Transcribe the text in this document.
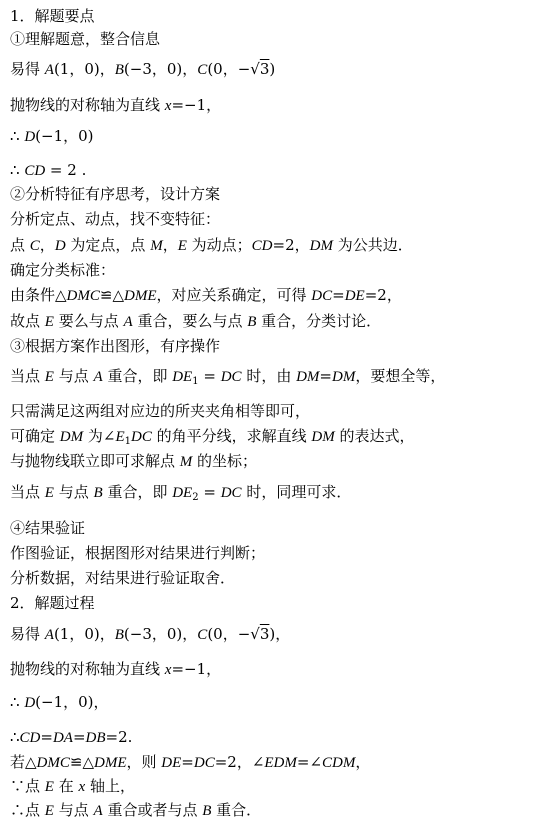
1．解题要点
①理解题意，整合信息
易得 A(1，0)，B(−3，0)，C(0，−√3)
抛物线的对称轴为直线 x=−1，
∴ D(−1，0)
∴ CD = 2 .
②分析特征有序思考，设计方案
分析定点、动点，找不变特征：
点 C，D 为定点，点 M，E 为动点；CD=2，DM 为公共边．
确定分类标准：
由条件△DMC≌△DME，对应关系确定，可得 DC=DE=2，
故点 E 要么与点 A 重合，要么与点 B 重合，分类讨论．
③根据方案作出图形，有序操作
当点 E 与点 A 重合，即 $DE_1$ = DC 时，由 DM=DM，要想全等，
只需满足这两组对应边的所夹夹角相等即可，
可确定 DM 为$\angle E_1DC$ 的角平分线，求解直线 DM 的表达式，
与抛物线联立即可求解点 M 的坐标；
当点 E 与点 B 重合，即 $DE_2$ = DC 时，同理可求．
④结果验证
作图验证，根据图形对结果进行判断；
分析数据，对结果进行验证取舍．
2．解题过程
易得 A(1，0)，B(−3，0)，C(0，−√3)，
抛物线的对称轴为直线 x=−1，
∴ D(−1，0)，
∴CD=DA=DB=2.
若△DMC≌△DME，则 DE=DC=2，∠EDM=∠CDM，
∵点 E 在 x 轴上，
∴点 E 与点 A 重合或者与点 B 重合．
